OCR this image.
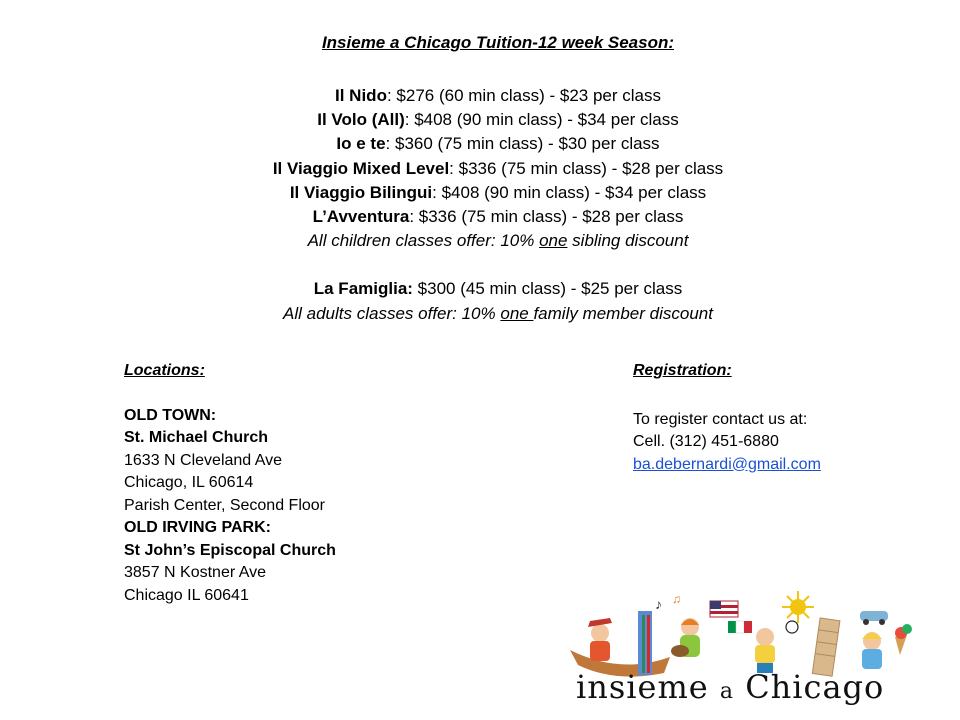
Insieme a Chicago Tuition-12 week Season:
Il Nido: $276 (60 min class) - $23 per class
Il Volo (All): $408 (90 min class) - $34 per class
Io e te: $360 (75 min class) - $30 per class
Il Viaggio Mixed Level: $336 (75 min class) - $28 per class
Il Viaggio Bilingui: $408 (90 min class) - $34 per class
L’Avventura: $336 (75 min class) - $28 per class
All children classes offer: 10% one sibling discount
La Famiglia: $300 (45 min class) - $25 per class
All adults classes offer: 10% one family member discount
Locations:
OLD TOWN:
St. Michael Church
1633 N Cleveland Ave
Chicago, IL 60614
Parish Center, Second Floor
OLD IRVING PARK:
St John’s Episcopal Church
3857 N Kostner Ave
Chicago IL 60641
Registration:
To register contact us at:
Cell. (312) 451-6880
ba.debernardi@gmail.com
♪ ♫
insieme a Chicago
